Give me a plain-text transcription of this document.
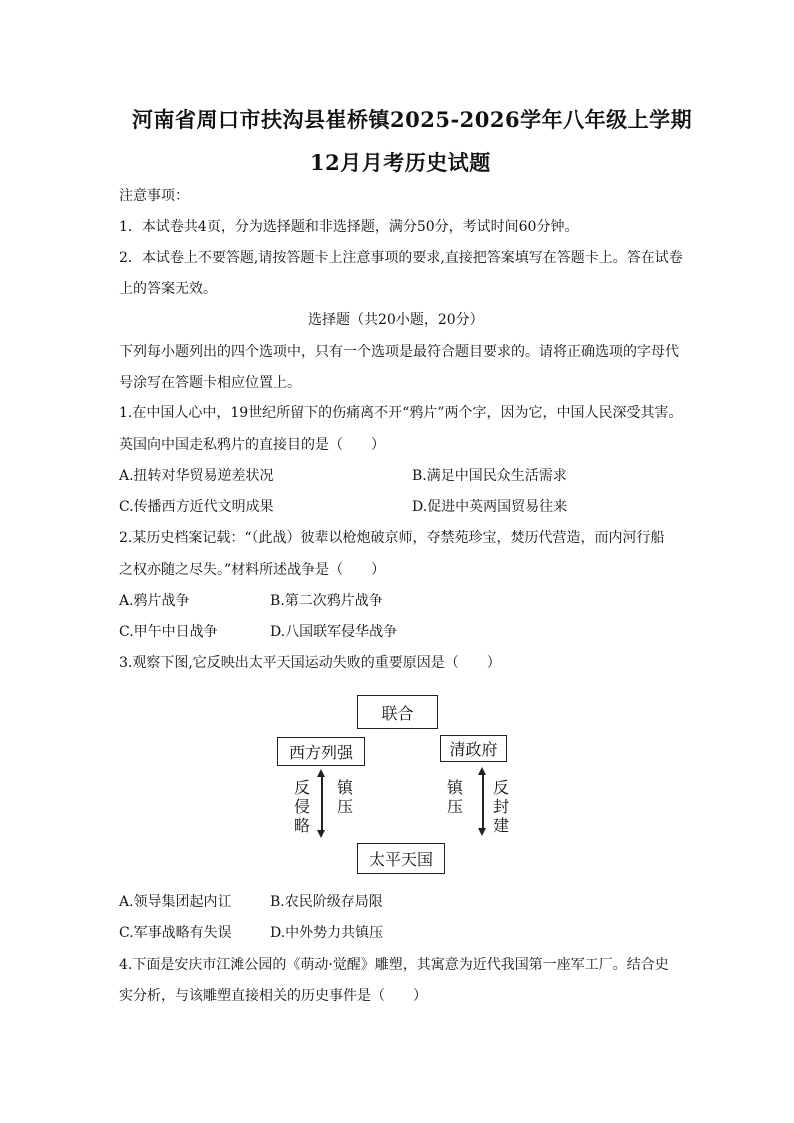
河南省周口市扶沟县崔桥镇2025-2026学年八年级上学期
12月月考历史试题
注意事项：
1．本试卷共4页，分为选择题和非选择题，满分50分，考试时间60分钟。
2．本试卷上不要答题,请按答题卡上注意事项的要求,直接把答案填写在答题卡上。答在试卷
上的答案无效。
选择题（共20小题，20分）
下列每小题列出的四个选项中，只有一个选项是最符合题目要求的。请将正确选项的字母代
号涂写在答题卡相应位置上。
1.在中国人心中，19世纪所留下的伤痛离不开“鸦片”两个字，因为它，中国人民深受其害。
英国向中国走私鸦片的直接目的是（　　）
A.扭转对华贸易逆差状况	B.满足中国民众生活需求
C.传播西方近代文明成果	D.促进中英两国贸易往来
2.某历史档案记载：“（此战）彼辈以枪炮破京师，夺禁苑珍宝，焚历代营造，而内河行船
之权亦随之尽失。”材料所述战争是（　　）
A.鸦片战争	B.第二次鸦片战争
C.甲午中日战争	D.八国联军侵华战争
3.观察下图,它反映出太平天国运动失败的重要原因是（　　）
联合
西方列强	清政府
太平天国
反侵略
镇压
镇压
反封建
A.领导集团起内讧	B.农民阶级存局限
C.军事战略有失误	D.中外势力共镇压
4.下面是安庆市江滩公园的《萌动·觉醒》雕塑，其寓意为近代我国第一座军工厂。结合史
实分析，与该雕塑直接相关的历史事件是（　　）
